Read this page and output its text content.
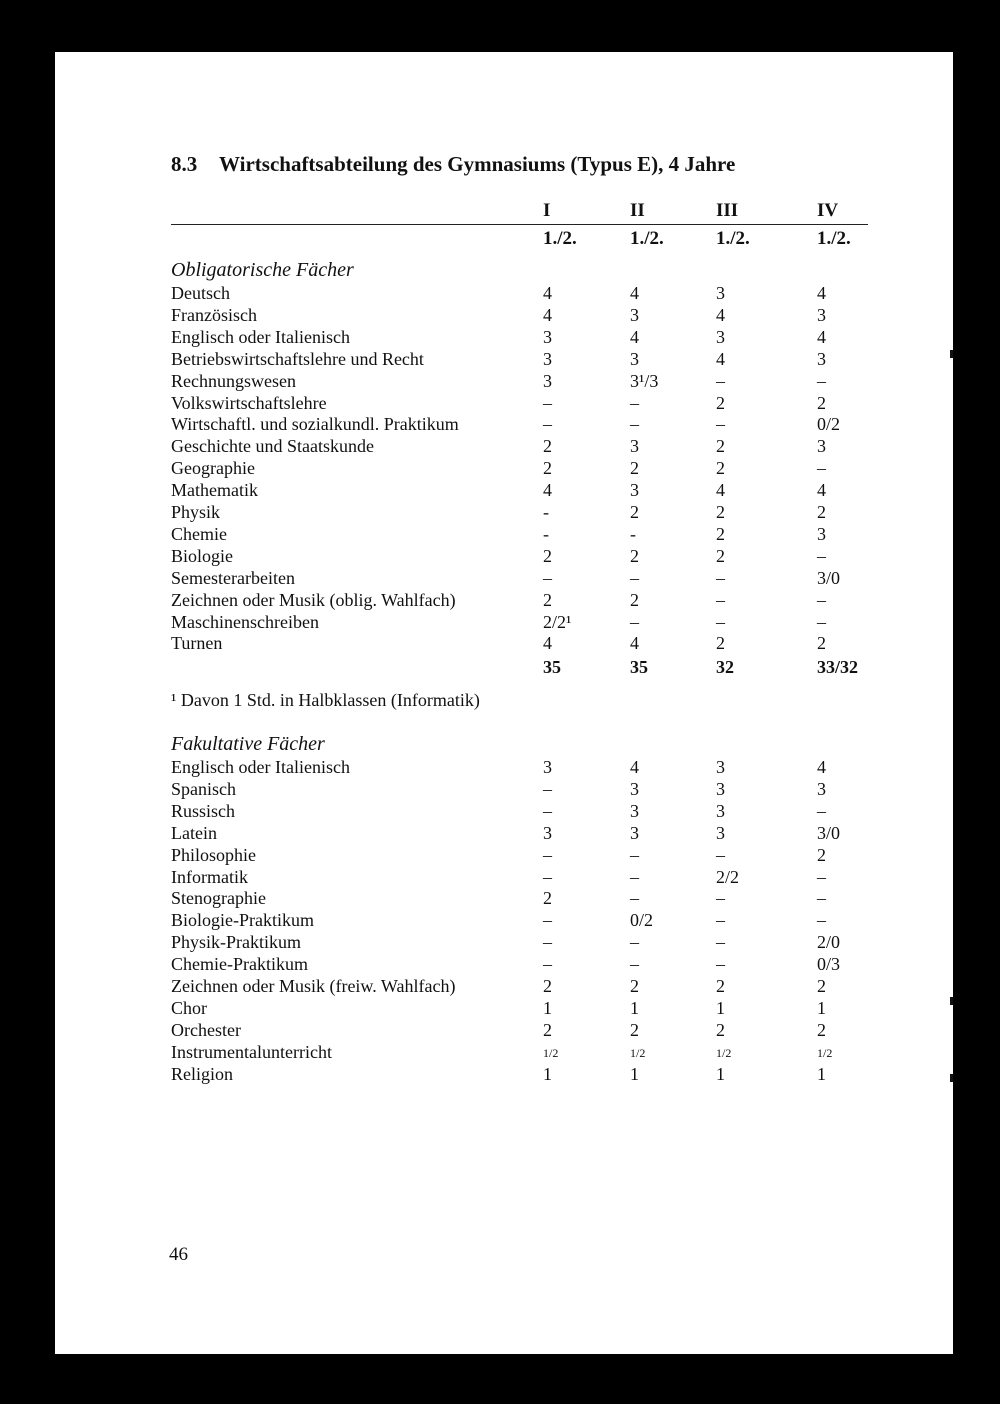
8.3 Wirtschaftsabteilung des Gymnasiums (Typus E), 4 Jahre
I	II	III	IV
1./2.	1./2.	1./2.	1./2.
Obligatorische Fächer
Deutsch	4	4	3	4
Französisch	4	3	4	3
Englisch oder Italienisch	3	4	3	4
Betriebswirtschaftslehre und Recht	3	3	4	3
Rechnungswesen	3	3¹/3	–	–
Volkswirtschaftslehre	–	–	2	2
Wirtschaftl. und sozialkundl. Praktikum	–	–	–	0/2
Geschichte und Staatskunde	2	3	2	3
Geographie	2	2	2	–
Mathematik	4	3	4	4
Physik	-	2	2	2
Chemie	-	-	2	3
Biologie	2	2	2	–
Semesterarbeiten	–	–	–	3/0
Zeichnen oder Musik (oblig. Wahlfach)	2	2	–	–
Maschinenschreiben	2/2¹	–	–	–
Turnen	4	4	2	2
35	35	32	33/32
¹ Davon 1 Std. in Halbklassen (Informatik)
Fakultative Fächer
Englisch oder Italienisch	3	4	3	4
Spanisch	–	3	3	3
Russisch	–	3	3	–
Latein	3	3	3	3/0
Philosophie	–	–	–	2
Informatik	–	–	2/2	–
Stenographie	2	–	–	–
Biologie-Praktikum	–	0/2	–	–
Physik-Praktikum	–	–	–	2/0
Chemie-Praktikum	–	–	–	0/3
Zeichnen oder Musik (freiw. Wahlfach)	2	2	2	2
Chor	1	1	1	1
Orchester	2	2	2	2
Instrumentalunterricht	1/2	1/2	1/2	1/2
Religion	1	1	1	1
46
